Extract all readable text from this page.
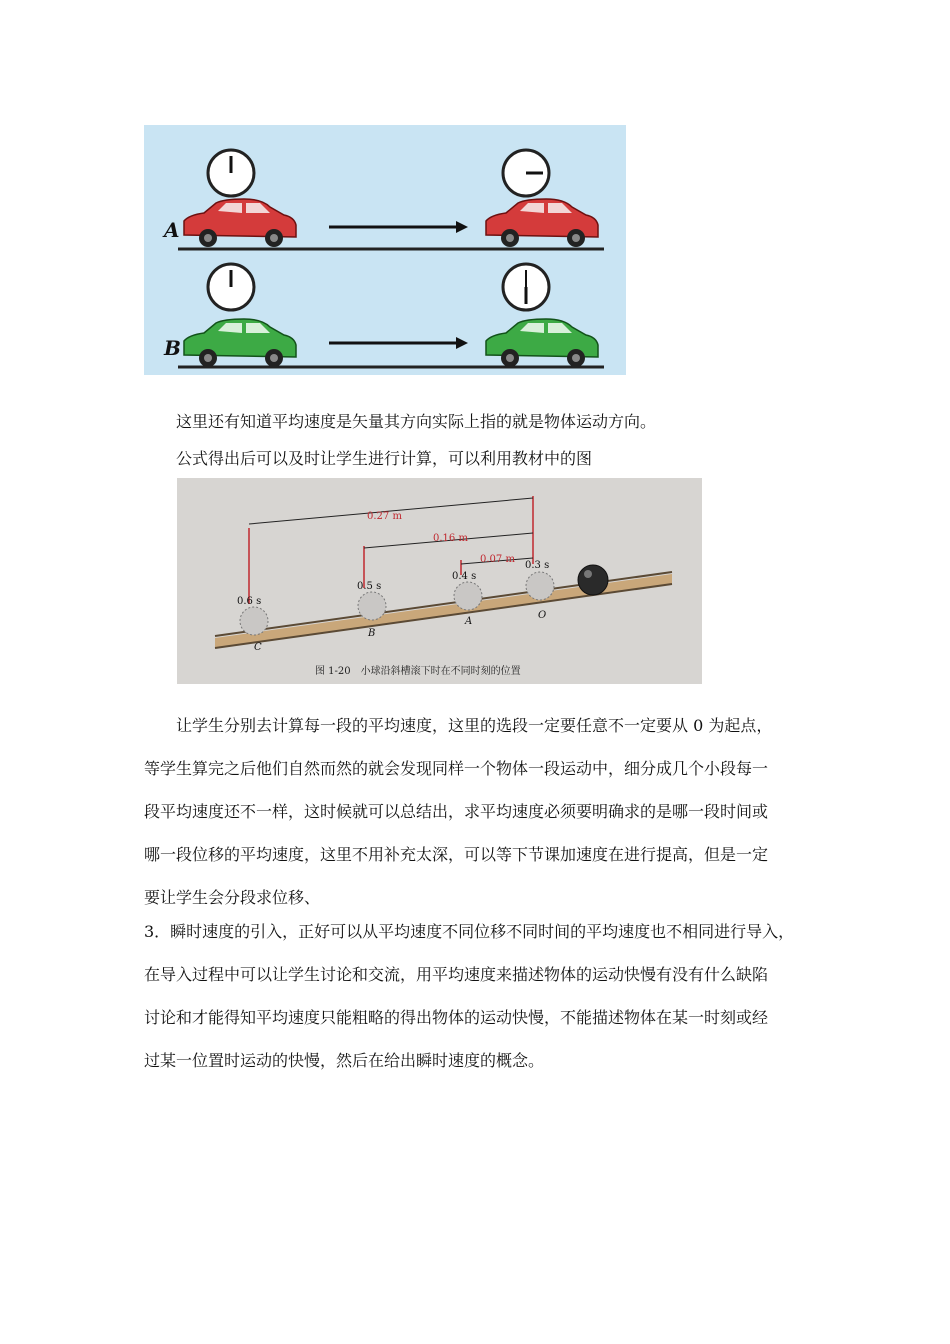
A
B

这里还有知道平均速度是矢量其方向实际上指的就是物体运动方向。

公式得出后可以及时让学生进行计算，可以利用教材中的图

0.27 m
0.16 m
0.07 m
0.6 s
0.5 s
0.4 s
0.3 s
C
B
A
O
图 1-20　小球沿斜槽滚下时在不同时刻的位置

让学生分别去计算每一段的平均速度，这里的选段一定要任意不一定要从 0 为起点，

等学生算完之后他们自然而然的就会发现同样一个物体一段运动中，细分成几个小段每一

段平均速度还不一样，这时候就可以总结出，求平均速度必须要明确求的是哪一段时间或

哪一段位移的平均速度，这里不用补充太深，可以等下节课加速度在进行提高，但是一定

要让学生会分段求位移、

3．瞬时速度的引入，正好可以从平均速度不同位移不同时间的平均速度也不相同进行导入，

在导入过程中可以让学生讨论和交流，用平均速度来描述物体的运动快慢有没有什么缺陷

讨论和才能得知平均速度只能粗略的得出物体的运动快慢，不能描述物体在某一时刻或经

过某一位置时运动的快慢，然后在给出瞬时速度的概念。
